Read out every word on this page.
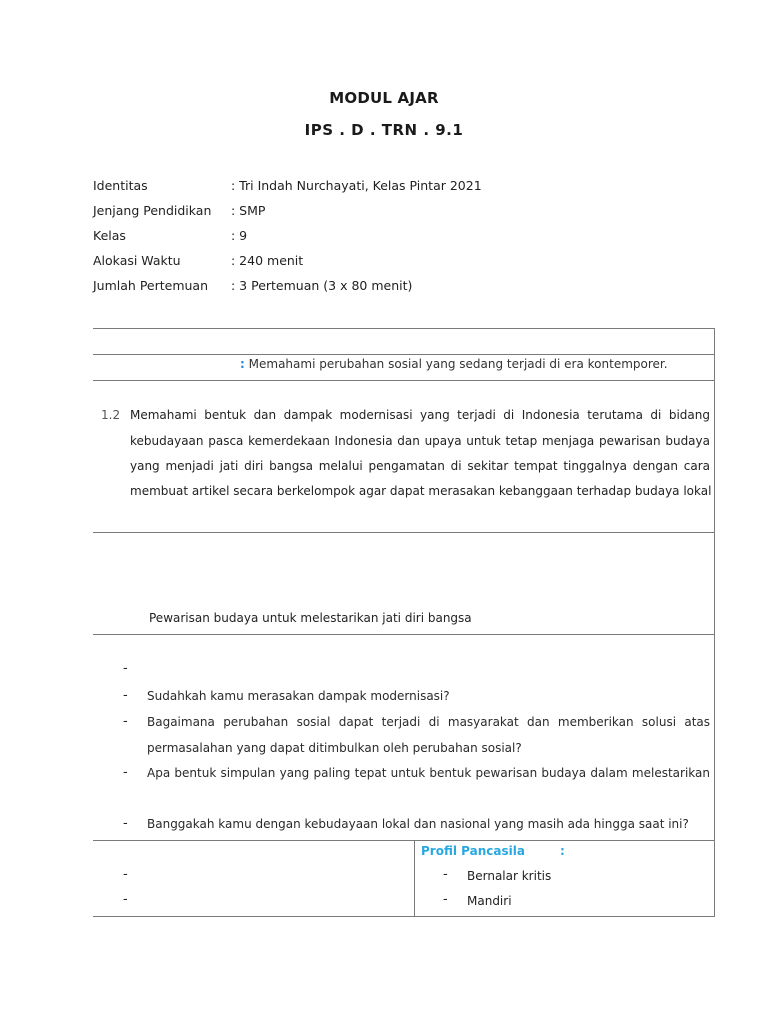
MODUL AJAR
IPS . D . TRN . 9.1
Identitas	: Tri Indah Nurchayati, Kelas Pintar 2021
Jenjang Pendidikan : SMP
Kelas	: 9
Alokasi Waktu	: 240 menit
Jumlah Pertemuan : 3 Pertemuan (3 x 80 menit)
: Memahami perubahan sosial yang sedang terjadi di era kontemporer.
1.2 Memahami bentuk dan dampak modernisasi yang terjadi di Indonesia terutama di bidang
kebudayaan pasca kemerdekaan Indonesia dan upaya untuk tetap menjaga pewarisan budaya
yang menjadi jati diri bangsa melalui pengamatan di sekitar tempat tinggalnya dengan cara
membuat artikel secara berkelompok agar dapat merasakan kebanggaan terhadap budaya lokal
Pewarisan budaya untuk melestarikan jati diri bangsa
-
- Sudahkah kamu merasakan dampak modernisasi?
- Bagaimana perubahan sosial dapat terjadi di masyarakat dan memberikan solusi atas
permasalahan yang dapat ditimbulkan oleh perubahan sosial?
- Apa bentuk simpulan yang paling tepat untuk bentuk pewarisan budaya dalam melestarikan
- Banggakah kamu dengan kebudayaan lokal dan nasional yang masih ada hingga saat ini?
-
-
Profil Pancasila	:
- Bernalar kritis
- Mandiri
